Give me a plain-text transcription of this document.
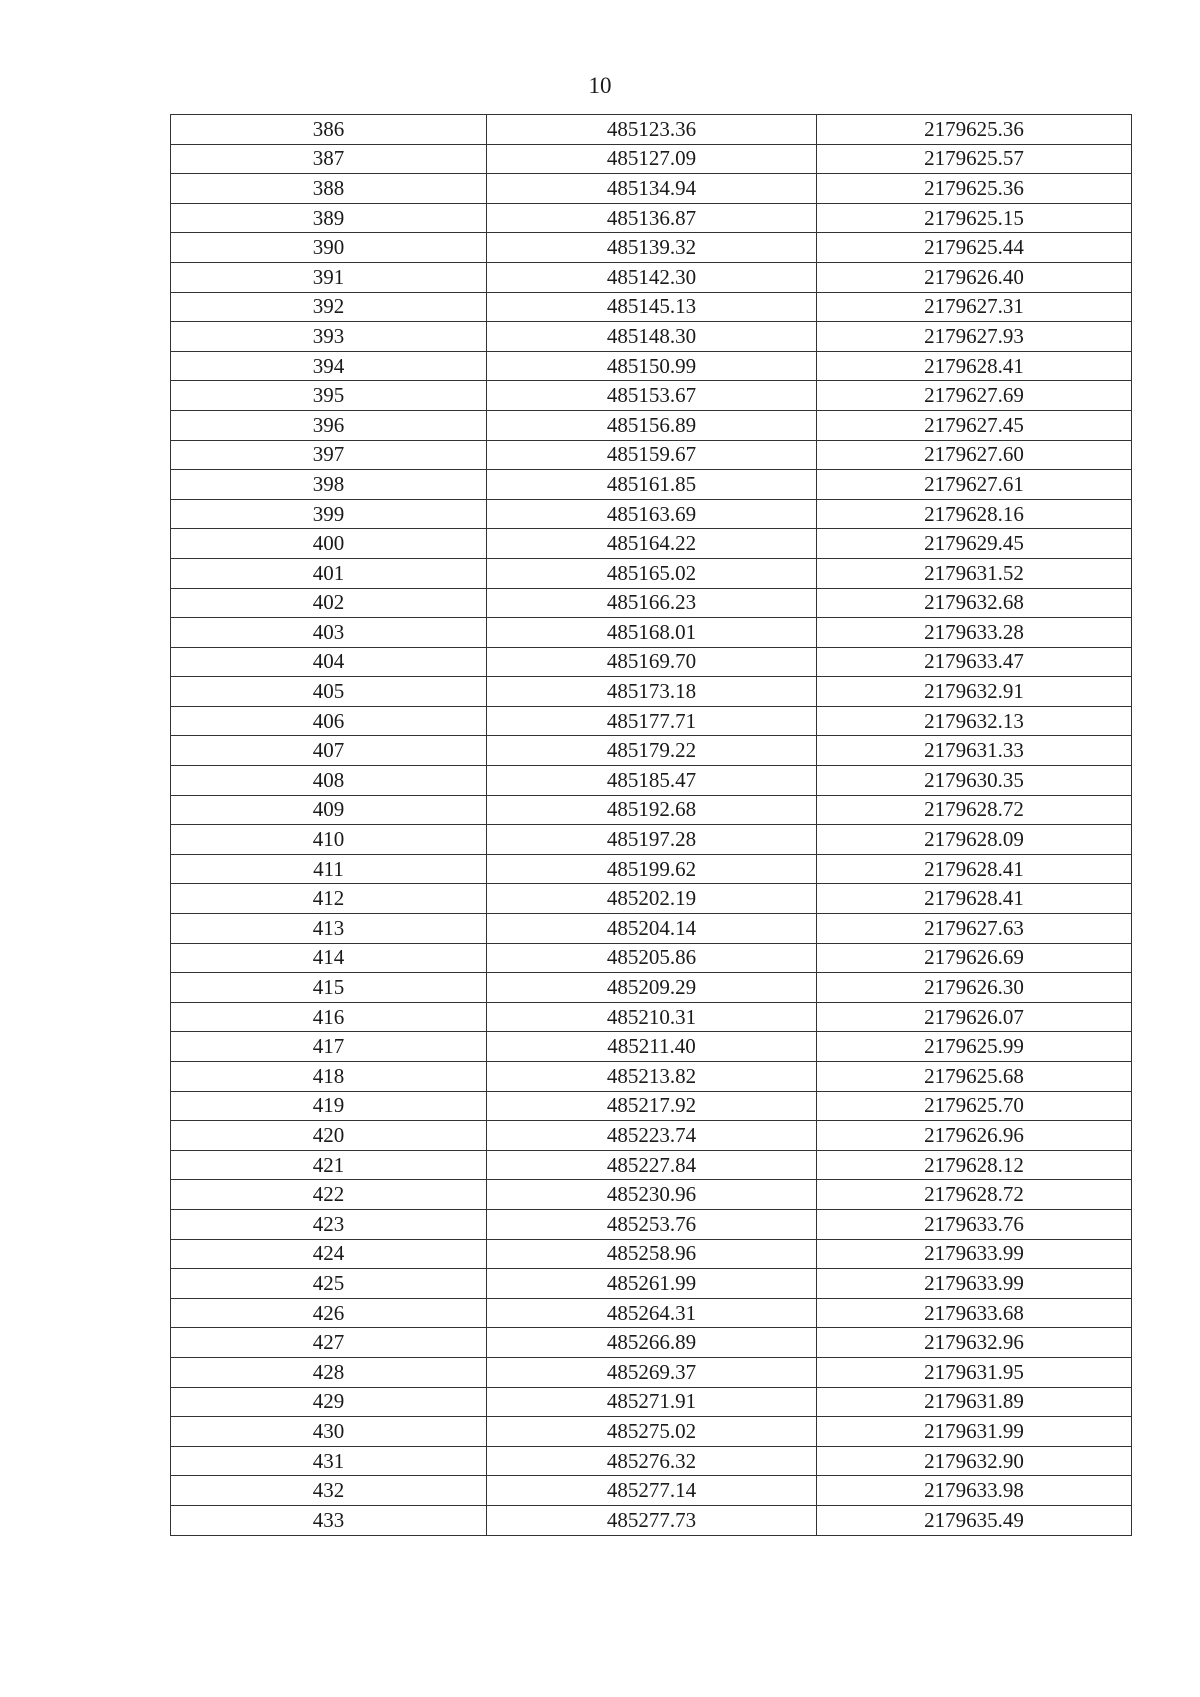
10
386	485123.36	2179625.36
387	485127.09	2179625.57
388	485134.94	2179625.36
389	485136.87	2179625.15
390	485139.32	2179625.44
391	485142.30	2179626.40
392	485145.13	2179627.31
393	485148.30	2179627.93
394	485150.99	2179628.41
395	485153.67	2179627.69
396	485156.89	2179627.45
397	485159.67	2179627.60
398	485161.85	2179627.61
399	485163.69	2179628.16
400	485164.22	2179629.45
401	485165.02	2179631.52
402	485166.23	2179632.68
403	485168.01	2179633.28
404	485169.70	2179633.47
405	485173.18	2179632.91
406	485177.71	2179632.13
407	485179.22	2179631.33
408	485185.47	2179630.35
409	485192.68	2179628.72
410	485197.28	2179628.09
411	485199.62	2179628.41
412	485202.19	2179628.41
413	485204.14	2179627.63
414	485205.86	2179626.69
415	485209.29	2179626.30
416	485210.31	2179626.07
417	485211.40	2179625.99
418	485213.82	2179625.68
419	485217.92	2179625.70
420	485223.74	2179626.96
421	485227.84	2179628.12
422	485230.96	2179628.72
423	485253.76	2179633.76
424	485258.96	2179633.99
425	485261.99	2179633.99
426	485264.31	2179633.68
427	485266.89	2179632.96
428	485269.37	2179631.95
429	485271.91	2179631.89
430	485275.02	2179631.99
431	485276.32	2179632.90
432	485277.14	2179633.98
433	485277.73	2179635.49
